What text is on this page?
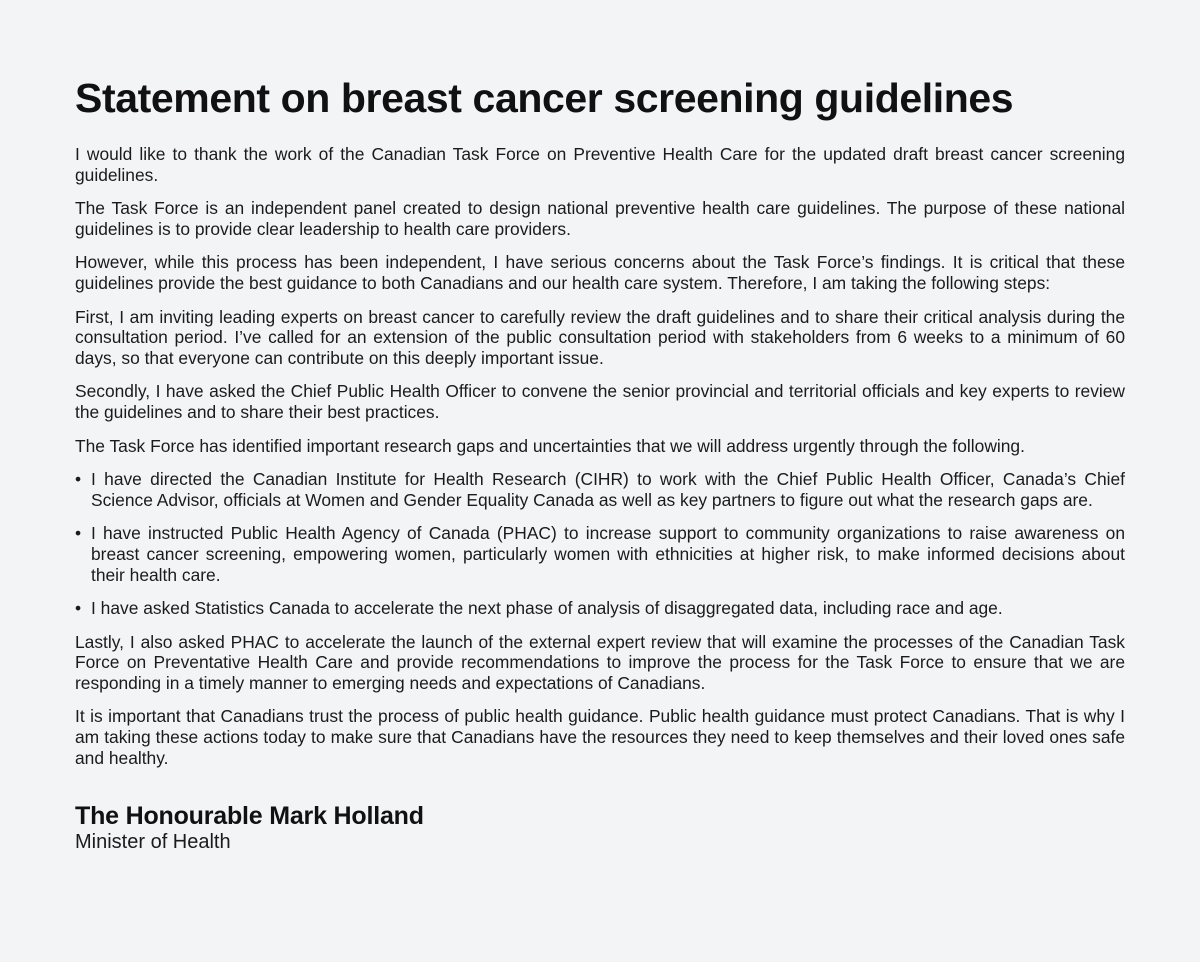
Statement on breast cancer screening guidelines

I would like to thank the work of the Canadian Task Force on Preventive Health Care for the updated draft breast cancer screening guidelines.

The Task Force is an independent panel created to design national preventive health care guidelines. The purpose of these national guidelines is to provide clear leadership to health care providers.

However, while this process has been independent, I have serious concerns about the Task Force’s findings. It is critical that these guidelines provide the best guidance to both Canadians and our health care system. Therefore, I am taking the following steps:

First, I am inviting leading experts on breast cancer to carefully review the draft guidelines and to share their critical analysis during the consultation period. I’ve called for an extension of the public consultation period with stakeholders from 6 weeks to a minimum of 60 days, so that everyone can contribute on this deeply important issue.

Secondly, I have asked the Chief Public Health Officer to convene the senior provincial and territorial officials and key experts to review the guidelines and to share their best practices.

The Task Force has identified important research gaps and uncertainties that we will address urgently through the following.

• I have directed the Canadian Institute for Health Research (CIHR) to work with the Chief Public Health Officer, Canada’s Chief Science Advisor, officials at Women and Gender Equality Canada as well as key partners to figure out what the research gaps are.
• I have instructed Public Health Agency of Canada (PHAC) to increase support to community organizations to raise awareness on breast cancer screening, empowering women, particularly women with ethnicities at higher risk, to make informed decisions about their health care.
• I have asked Statistics Canada to accelerate the next phase of analysis of disaggregated data, including race and age.

Lastly, I also asked PHAC to accelerate the launch of the external expert review that will examine the processes of the Canadian Task Force on Preventative Health Care and provide recommendations to improve the process for the Task Force to ensure that we are responding in a timely manner to emerging needs and expectations of Canadians.

It is important that Canadians trust the process of public health guidance. Public health guidance must protect Canadians. That is why I am taking these actions today to make sure that Canadians have the resources they need to keep themselves and their loved ones safe and healthy.

The Honourable Mark Holland
Minister of Health
